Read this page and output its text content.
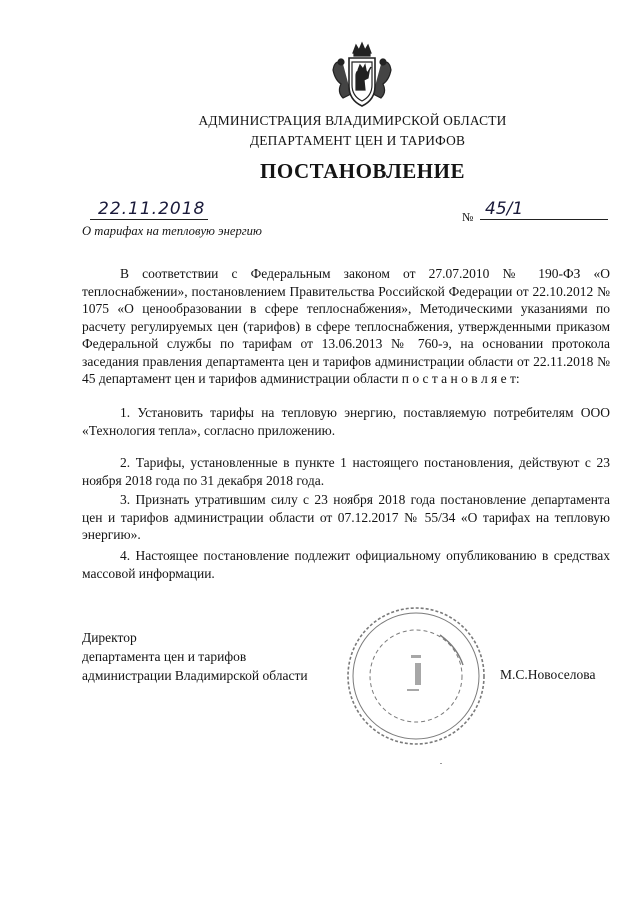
АДМИНИСТРАЦИЯ ВЛАДИМИРСКОЙ ОБЛАСТИ
ДЕПАРТАМЕНТ ЦЕН И ТАРИФОВ
ПОСТАНОВЛЕНИЕ
22.11.2018	№ 45/1
О тарифах на тепловую энергию

В соответствии с Федеральным законом от 27.07.2010 № 190-ФЗ «О теплоснабжении», постановлением Правительства Российской Федерации от 22.10.2012 № 1075 «О ценообразовании в сфере теплоснабжения», Методическими указаниями по расчету регулируемых цен (тарифов) в сфере теплоснабжения, утвержденными приказом Федеральной службы по тарифам от 13.06.2013 № 760-э, на основании протокола заседания правления департамента цен и тарифов администрации области от 22.11.2018 № 45 департамент цен и тарифов администрации области п о с т а н о в л я е т:

1. Установить тарифы на тепловую энергию, поставляемую потребителям ООО «Технология тепла», согласно приложению.

2. Тарифы, установленные в пункте 1 настоящего постановления, действуют с 23 ноября 2018 года по 31 декабря 2018 года.

3. Признать утратившим силу с 23 ноября 2018 года постановление департамента цен и тарифов администрации области от 07.12.2017 № 55/34 «О тарифах на тепловую энергию».

4. Настоящее постановление подлежит официальному опубликованию в средствах массовой информации.

Директор
департамента цен и тарифов
администрации Владимирской области	М.С.Новоселова
